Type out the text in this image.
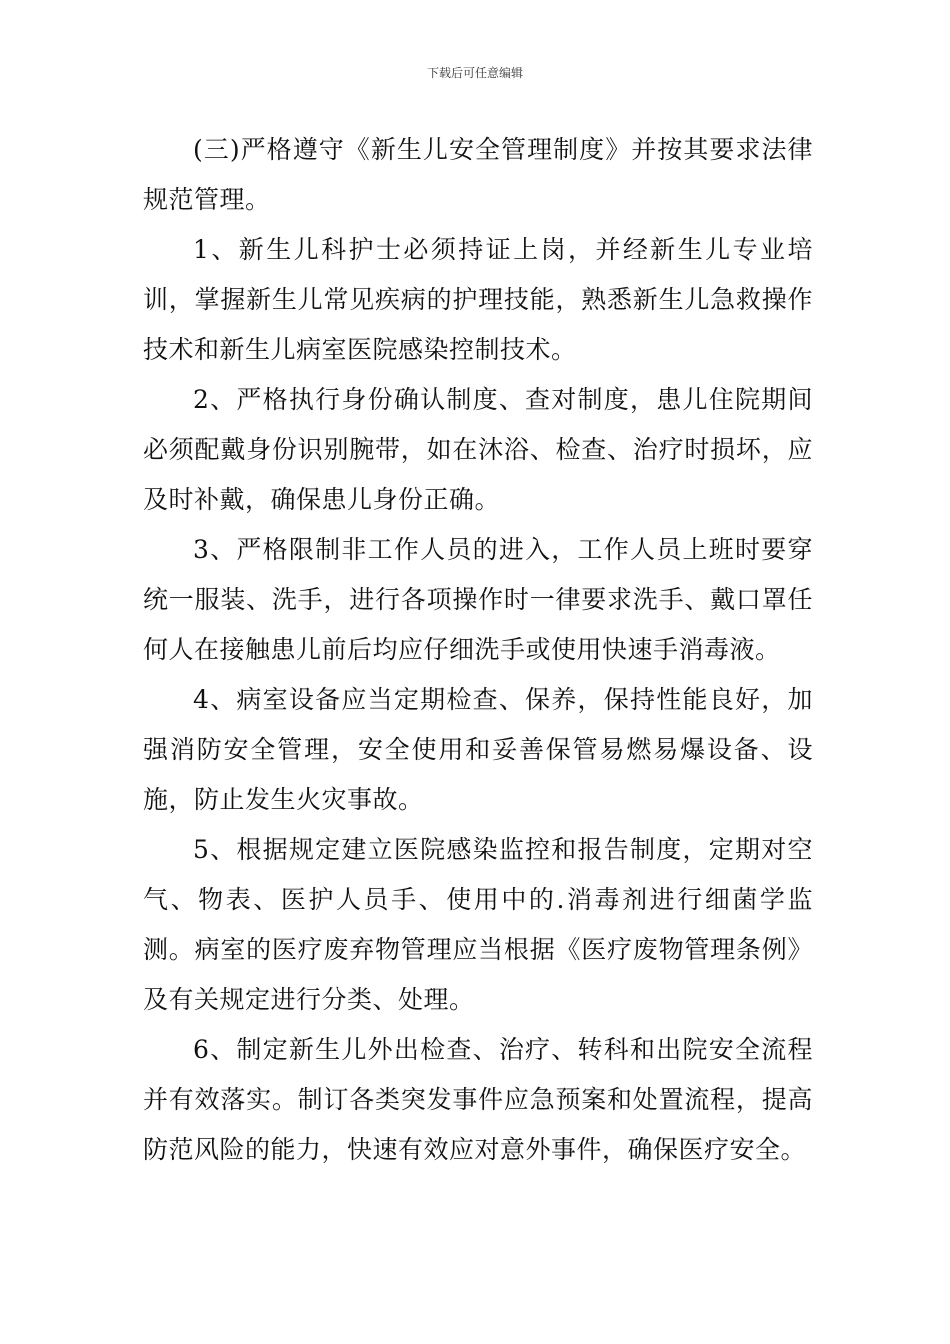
下载后可任意编辑

(三)严格遵守《新生儿安全管理制度》并按其要求法律规范管理。

1、新生儿科护士必须持证上岗，并经新生儿专业培训，掌握新生儿常见疾病的护理技能，熟悉新生儿急救操作技术和新生儿病室医院感染控制技术。

2、严格执行身份确认制度、查对制度，患儿住院期间必须配戴身份识别腕带，如在沐浴、检查、治疗时损坏，应及时补戴，确保患儿身份正确。

3、严格限制非工作人员的进入，工作人员上班时要穿统一服装、洗手，进行各项操作时一律要求洗手、戴口罩任何人在接触患儿前后均应仔细洗手或使用快速手消毒液。

4、病室设备应当定期检查、保养，保持性能良好，加强消防安全管理，安全使用和妥善保管易燃易爆设备、设施，防止发生火灾事故。

5、根据规定建立医院感染监控和报告制度，定期对空气、物表、医护人员手、使用中的.消毒剂进行细菌学监测。病室的医疗废弃物管理应当根据《医疗废物管理条例》及有关规定进行分类、处理。

6、制定新生儿外出检查、治疗、转科和出院安全流程并有效落实。制订各类突发事件应急预案和处置流程，提高防范风险的能力，快速有效应对意外事件，确保医疗安全。
